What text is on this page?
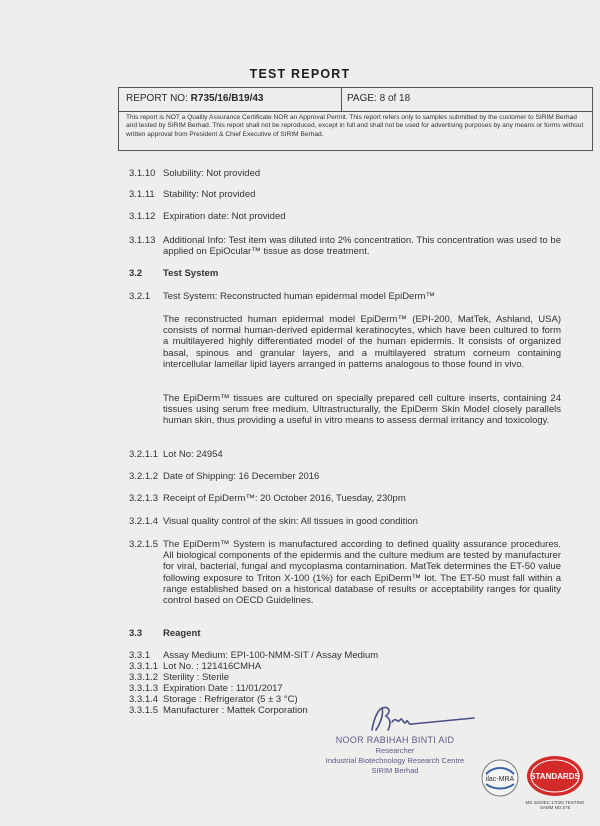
TEST REPORT
REPORT NO: R735/16/B19/43	PAGE: 8 of 18
This report is NOT a Quality Assurance Certificate NOR an Approval Permit. This report refers only to samples submitted by the customer to SIRIM Berhad and tested by SIRIM Berhad. This report shall not be reproduced, except in full and shall not be used for advertising purposes by any means or forms without written approval from President & Chief Executive of SIRIM Berhad.
3.1.10 Solubility: Not provided
3.1.11 Stability: Not provided
3.1.12 Expiration date: Not provided
3.1.13 Additional Info: Test item was diluted into 2% concentration. This concentration was used to be applied on EpiOcular™ tissue as dose treatment.
3.2 Test System
3.2.1 Test System: Reconstructed human epidermal model EpiDerm™
The reconstructed human epidermal model EpiDerm™ (EPI-200, MatTek, Ashland, USA) consists of normal human-derived epidermal keratinocytes, which have been cultured to form a multilayered highly differentiated model of the human epidermis. It consists of organized basal, spinous and granular layers, and a multilayered stratum corneum containing intercellular lamellar lipid layers arranged in patterns analogous to those found in vivo.
The EpiDerm™ tissues are cultured on specially prepared cell culture inserts, containing 24 tissues using serum free medium. Ultrastructurally, the EpiDerm Skin Model closely parallels human skin, thus providing a useful in vitro means to assess dermal irritancy and toxicology.
3.2.1.1 Lot No: 24954
3.2.1.2 Date of Shipping: 16 December 2016
3.2.1.3 Receipt of EpiDerm™: 20 October 2016, Tuesday, 230pm
3.2.1.4 Visual quality control of the skin: All tissues in good condition
3.2.1.5 The EpiDerm™ System is manufactured according to defined quality assurance procedures. All biological components of the epidermis and the culture medium are tested by manufacturer for viral, bacterial, fungal and mycoplasma contamination. MatTek determines the ET-50 value following exposure to Triton X-100 (1%) for each EpiDerm™ lot. The ET-50 must fall within a range established based on a historical database of results or acceptability ranges for quality control based on OECD Guidelines.
3.3 Reagent
3.3.1 Assay Medium: EPI-100-NMM-SIT / Assay Medium
3.3.1.1 Lot No. : 121416CMHA
3.3.1.2 Sterility : Sterile
3.3.1.3 Expiration Date : 11/01/2017
3.3.1.4 Storage : Refrigerator (5 ± 3 °C)
3.3.1.5 Manufacturer : Mattek Corporation
NOOR RABIHAH BINTI AID
Researcher
Industrial Biotechnology Research Centre
SIRIM Berhad
ilac-MRA STANDARDS
MS ISO/IEC 17025 TESTING SAMM NO.076
